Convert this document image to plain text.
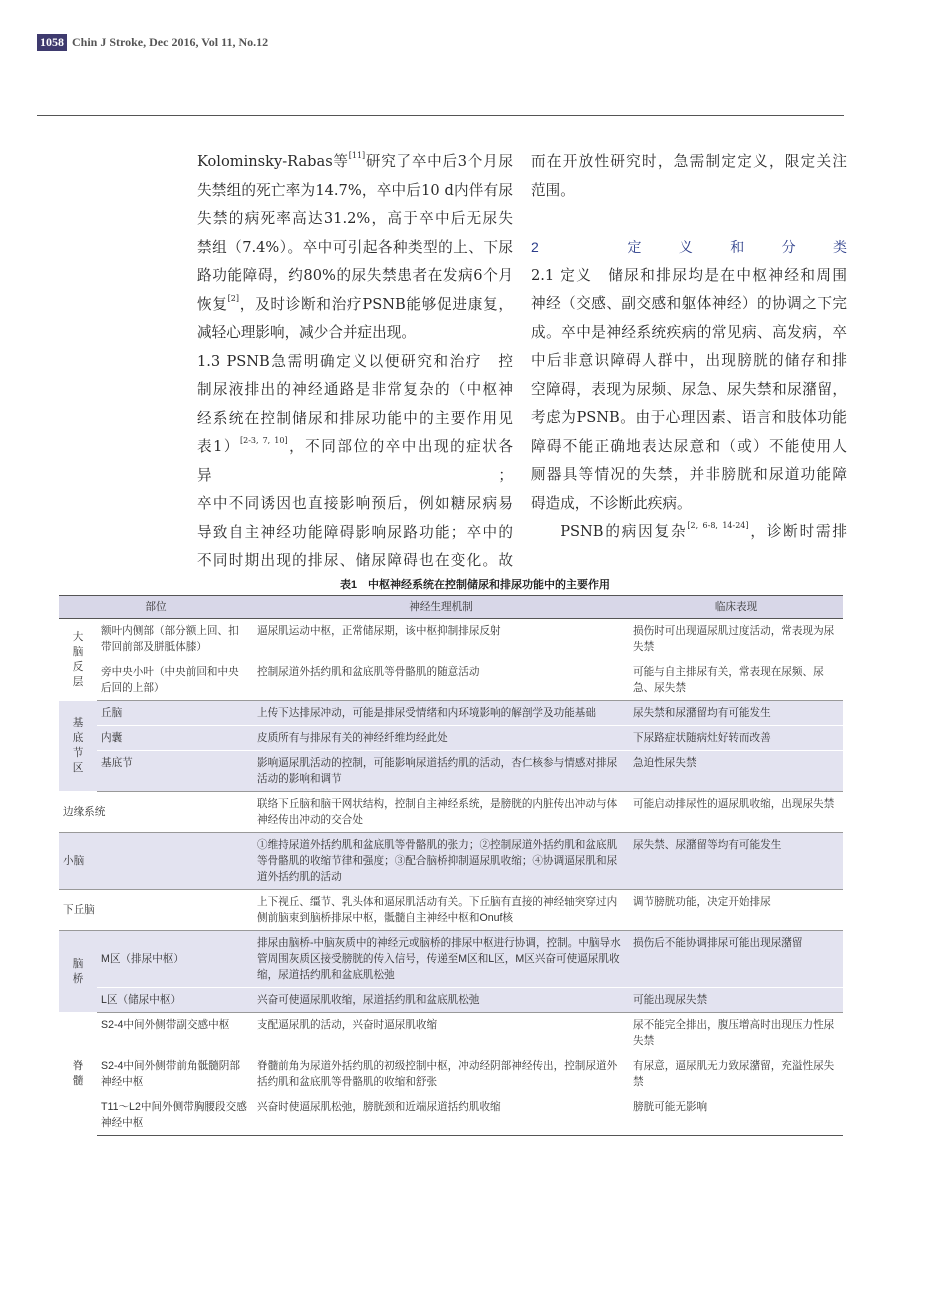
1058 Chin J Stroke, Dec 2016, Vol 11, No.12

Kolominsky-Rabas等[11]研究了卒中后3个月尿

失禁组的死亡率为14.7%，卒中后10 d内伴有尿

失禁的病死率高达31.2%，高于卒中后无尿失

禁组（7.4%）。卒中可引起各种类型的上、下尿

路功能障碍，约80%的尿失禁患者在发病6个月

恢复[2]，及时诊断和治疗PSNB能够促进康复，

减轻心理影响，减少合并症出现。

1.3 PSNB急需明确定义以便研究和治疗　控

制尿液排出的神经通路是非常复杂的（中枢神

经系统在控制储尿和排尿功能中的主要作用见

表1）[2-3, 7, 10]，不同部位的卒中出现的症状各异；

卒中不同诱因也直接影响预后，例如糖尿病易

导致自主神经功能障碍影响尿路功能；卒中的

不同时期出现的排尿、储尿障碍也在变化。故

而在开放性研究时，急需制定定义，限定关注

范围。

2　定义和分类

2.1 定义　储尿和排尿均是在中枢神经和周围

神经（交感、副交感和躯体神经）的协调之下完

成。卒中是神经系统疾病的常见病、高发病，卒

中后非意识障碍人群中，出现膀胱的储存和排

空障碍，表现为尿频、尿急、尿失禁和尿潴留，

考虑为PSNB。由于心理因素、语言和肢体功能

障碍不能正确地表达尿意和（或）不能使用人

厕器具等情况的失禁，并非膀胱和尿道功能障

碍造成，不诊断此疾病。

PSNB的病因复杂[2, 6-8, 14-24]，诊断时需排

表1　中枢神经系统在控制储尿和排尿功能中的主要作用
部位		神经生理机制	临床表现
大脑反层	额叶内侧部（部分额上回、扣带回前部及胼胝体膝）	逼尿肌运动中枢，正常储尿期，该中枢抑制排尿反射	损伤时可出现逼尿肌过度活动，常表现为尿失禁
	旁中央小叶（中央前回和中央后回的上部）	控制尿道外括约肌和盆底肌等骨骼肌的随意活动	可能与自主排尿有关，常表现在尿频、尿急、尿失禁
基底节区	丘脑	上传下达排尿冲动，可能是排尿受情绪和内环境影响的解剖学及功能基础	尿失禁和尿潴留均有可能发生
	内囊	皮质所有与排尿有关的神经纤维均经此处	下尿路症状随病灶好转而改善
	基底节	影响逼尿肌活动的控制，可能影响尿道括约肌的活动，杏仁核参与情感对排尿活动的影响和调节	急迫性尿失禁
边缘系统		联络下丘脑和脑干网状结构，控制自主神经系统，是膀胱的内脏传出冲动与体神经传出冲动的交合处	可能启动排尿性的逼尿肌收缩，出现尿失禁
小脑		①维持尿道外括约肌和盆底肌等骨骼肌的张力；②控制尿道外括约肌和盆底肌等骨骼肌的收缩节律和强度；③配合脑桥抑制逼尿肌收缩；④协调逼尿肌和尿道外括约肌的活动	尿失禁、尿潴留等均有可能发生
下丘脑		上下视丘、缰节、乳头体和逼尿肌活动有关。下丘脑有直接的神经轴突穿过内侧前脑束到脑桥排尿中枢，骶髓自主神经中枢和Onuf核	调节膀胱功能，决定开始排尿
脑桥	M区（排尿中枢）	排尿由脑桥-中脑灰质中的神经元或脑桥的排尿中枢进行协调，控制。中脑导水管周围灰质区接受膀胱的传入信号，传递至M区和L区，M区兴奋可使逼尿肌收缩，尿道括约肌和盆底肌松弛	损伤后不能协调排尿可能出现尿潴留
	L区（储尿中枢）	兴奋可使逼尿肌收缩，尿道括约肌和盆底肌松弛	可能出现尿失禁
脊髓	S2-4中间外侧带副交感中枢	支配逼尿肌的活动，兴奋时逼尿肌收缩	尿不能完全排出，腹压增高时出现压力性尿失禁
	S2-4中间外侧带前角骶髓阴部神经中枢	脊髓前角为尿道外括约肌的初级控制中枢，冲动经阴部神经传出，控制尿道外括约肌和盆底肌等骨骼肌的收缩和舒张	有尿意，逼尿肌无力致尿潴留，充溢性尿失禁
	T11～L2中间外侧带胸腰段交感神经中枢	兴奋时使逼尿肌松弛，膀胱颈和近端尿道括约肌收缩	膀胱可能无影响
